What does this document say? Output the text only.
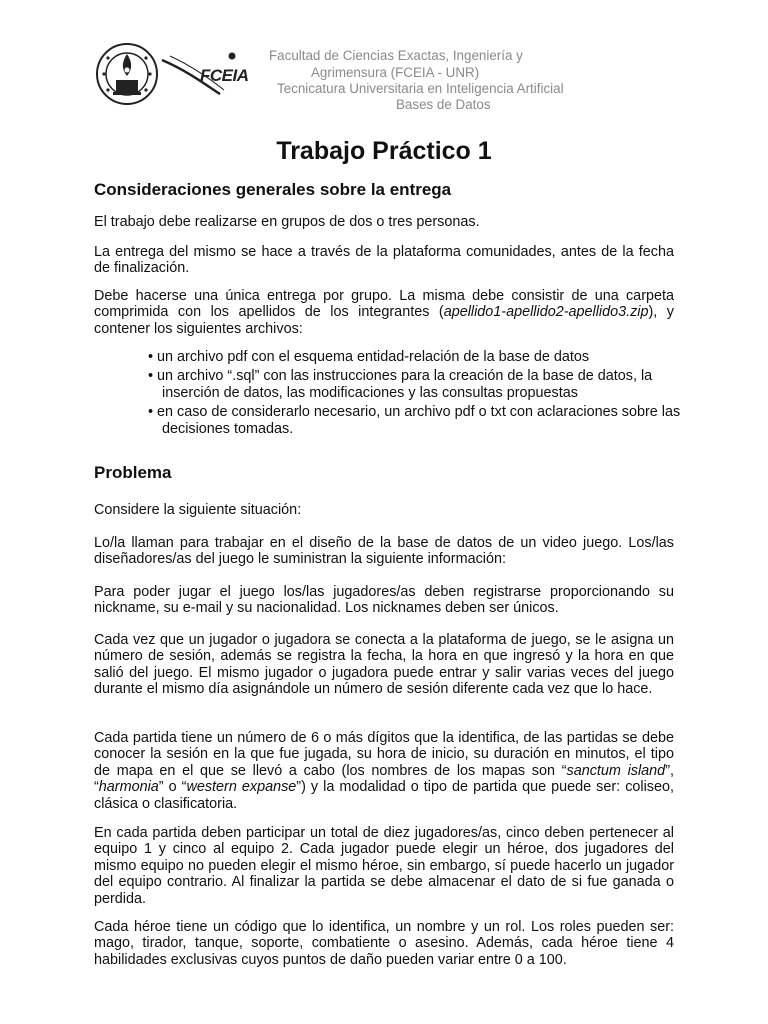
FCEIA
Facultad de Ciencias Exactas, Ingeniería y
Agrimensura (FCEIA - UNR)
Tecnicatura Universitaria en Inteligencia Artificial
Bases de Datos
Trabajo Práctico 1
Consideraciones generales sobre la entrega
El trabajo debe realizarse en grupos de dos o tres personas.
La entrega del mismo se hace a través de la plataforma comunidades, antes de la fecha de finalización.
Debe hacerse una única entrega por grupo. La misma debe consistir de una carpeta comprimida con los apellidos de los integrantes (apellido1-apellido2-apellido3.zip), y contener los siguientes archivos:
• un archivo pdf con el esquema entidad-relación de la base de datos
• un archivo “.sql” con las instrucciones para la creación de la base de datos, la inserción de datos, las modificaciones y las consultas propuestas
• en caso de considerarlo necesario, un archivo pdf o txt con aclaraciones sobre las decisiones tomadas.
Problema
Considere la siguiente situación:
Lo/la llaman para trabajar en el diseño de la base de datos de un video juego. Los/las diseñadores/as del juego le suministran la siguiente información:
Para poder jugar el juego los/las jugadores/as deben registrarse proporcionando su nickname, su e-mail y su nacionalidad. Los nicknames deben ser únicos.
Cada vez que un jugador o jugadora se conecta a la plataforma de juego, se le asigna un número de sesión, además se registra la fecha, la hora en que ingresó y la hora en que salió del juego. El mismo jugador o jugadora puede entrar y salir varias veces del juego durante el mismo día asignándole un número de sesión diferente cada vez que lo hace.
Cada partida tiene un número de 6 o más dígitos que la identifica, de las partidas se debe conocer la sesión en la que fue jugada, su hora de inicio, su duración en minutos, el tipo de mapa en el que se llevó a cabo (los nombres de los mapas son “sanctum island”, “harmonia” o “western expanse”) y la modalidad o tipo de partida que puede ser: coliseo, clásica o clasificatoria.
En cada partida deben participar un total de diez jugadores/as, cinco deben pertenecer al equipo 1 y cinco al equipo 2. Cada jugador puede elegir un héroe, dos jugadores del mismo equipo no pueden elegir el mismo héroe, sin embargo, sí puede hacerlo un jugador del equipo contrario. Al finalizar la partida se debe almacenar el dato de si fue ganada o perdida.
Cada héroe tiene un código que lo identifica, un nombre y un rol. Los roles pueden ser: mago, tirador, tanque, soporte, combatiente o asesino. Además, cada héroe tiene 4 habilidades exclusivas cuyos puntos de daño pueden variar entre 0 a 100.
